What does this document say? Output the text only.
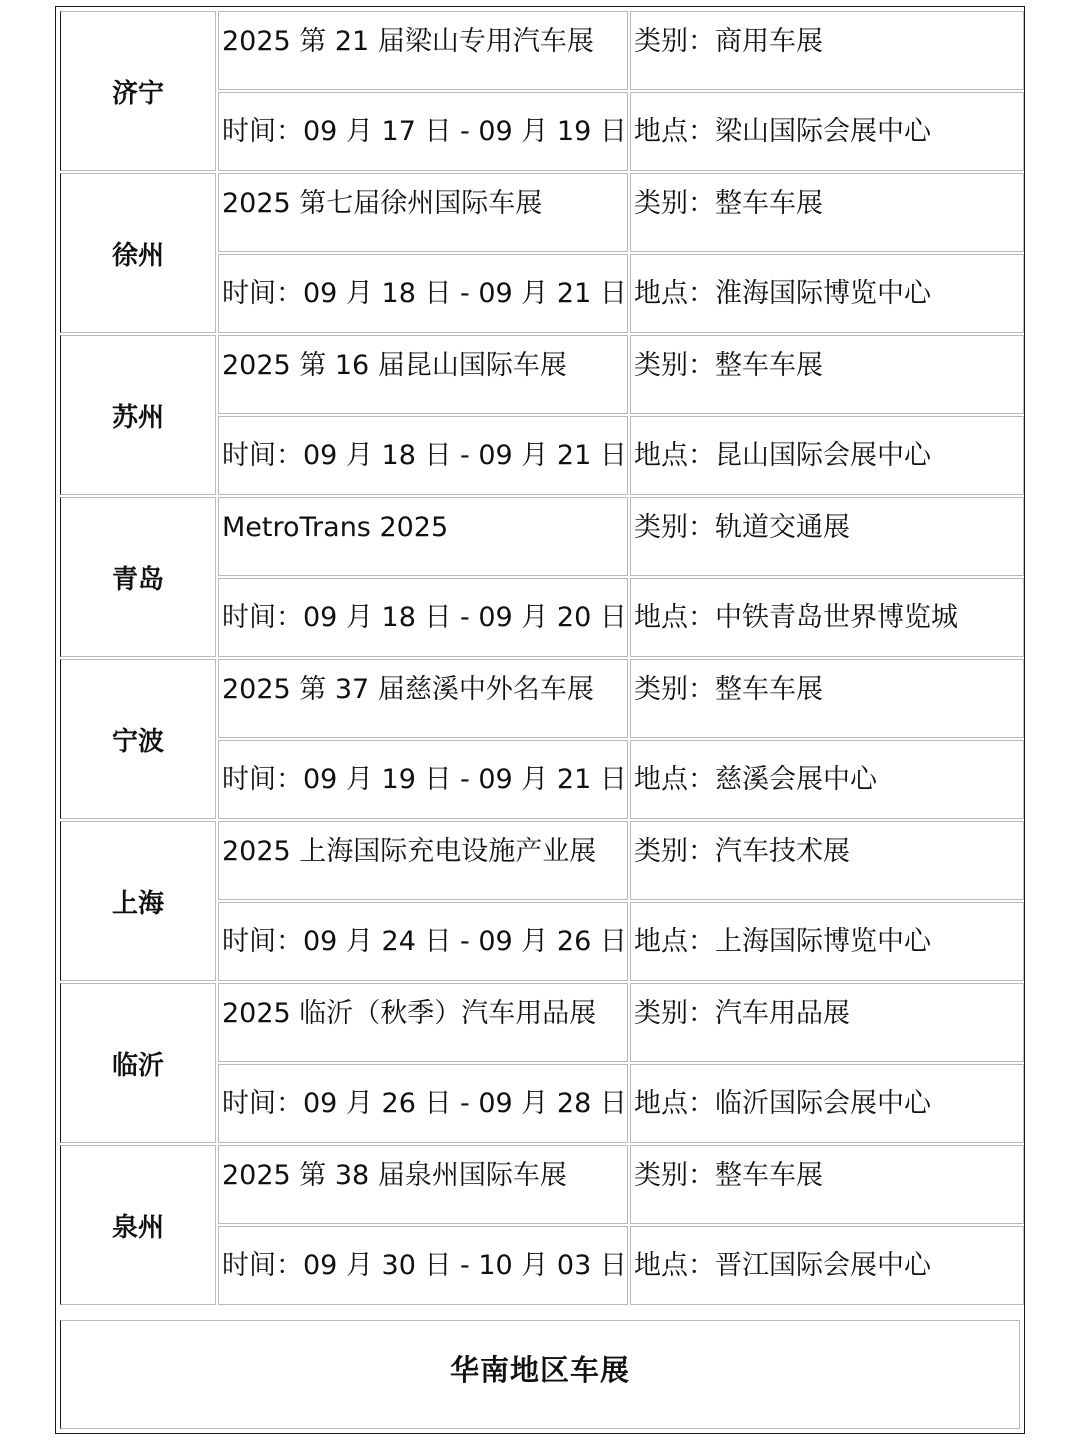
济宁	2025 第 21 届梁山专用汽车展	类别：商用车展

	时间：09 月 17 日 - 09 月 19 日	地点：梁山国际会展中心

徐州	2025 第七届徐州国际车展	类别：整车车展

	时间：09 月 18 日 - 09 月 21 日	地点：淮海国际博览中心

苏州	2025 第 16 届昆山国际车展	类别：整车车展

	时间：09 月 18 日 - 09 月 21 日	地点：昆山国际会展中心

青岛	MetroTrans 2025	类别：轨道交通展

	时间：09 月 18 日 - 09 月 20 日	地点：中铁青岛世界博览城

宁波	2025 第 37 届慈溪中外名车展	类别：整车车展

	时间：09 月 19 日 - 09 月 21 日	地点：慈溪会展中心

上海	2025 上海国际充电设施产业展	类别：汽车技术展

	时间：09 月 24 日 - 09 月 26 日	地点：上海国际博览中心

临沂	2025 临沂（秋季）汽车用品展	类别：汽车用品展

	时间：09 月 26 日 - 09 月 28 日	地点：临沂国际会展中心

泉州	2025 第 38 届泉州国际车展	类别：整车车展

	时间：09 月 30 日 - 10 月 03 日	地点：晋江国际会展中心
华南地区车展
